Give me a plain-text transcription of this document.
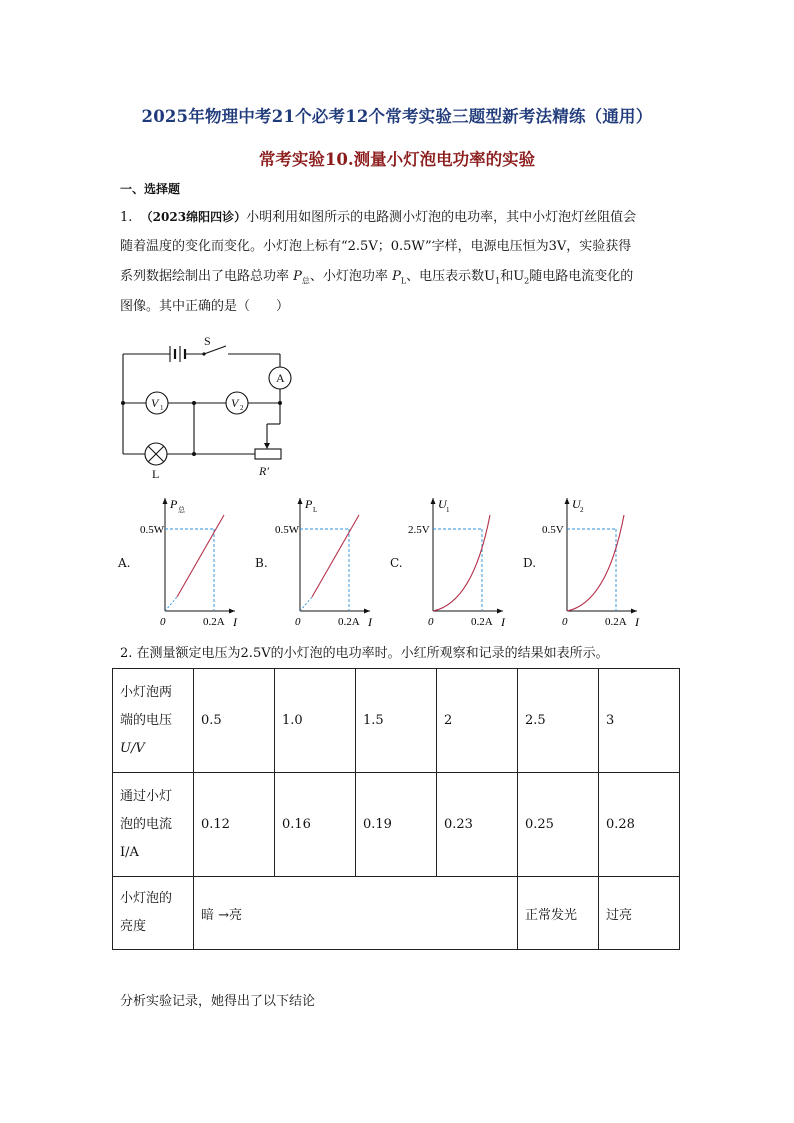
2025年物理中考21个必考12个常考实验三题型新考法精练（通用）
常考实验10.测量小灯泡电功率的实验
一、选择题
1. （2023绵阳四诊）小明利用如图所示的电路测小灯泡的电功率，其中小灯泡灯丝阻值会
随着温度的变化而变化。小灯泡上标有“2.5V；0.5W”字样，电源电压恒为3V，实验获得
系列数据绘制出了电路总功率 $P_总$、小灯泡功率 $P_L$、电压表示数$U_1$和$U_2$随电路电流变化的
图像。其中正确的是（　　）
S
A
V 1	V 2
L	R′
A.	B.	C.	D.
0.5W
0.2A
0	I
P 总
0.5W
0.2A
0	I
P L
2.5V
0.2A
0	I
U 1
0.5V
0.2A
0	I
U 2
2. 在测量额定电压为2.5V的小灯泡的电功率时。小红所观察和记录的结果如表所示。
小灯泡两
端的电压
U/V	0.5	1.0	1.5	2	2.5	3

通过小灯
泡的电流
I/A	0.12	0.16	0.19	0.23	0.25	0.28

小灯泡的
亮度	暗 →亮				正常发光	过亮
分析实验记录，她得出了以下结论
